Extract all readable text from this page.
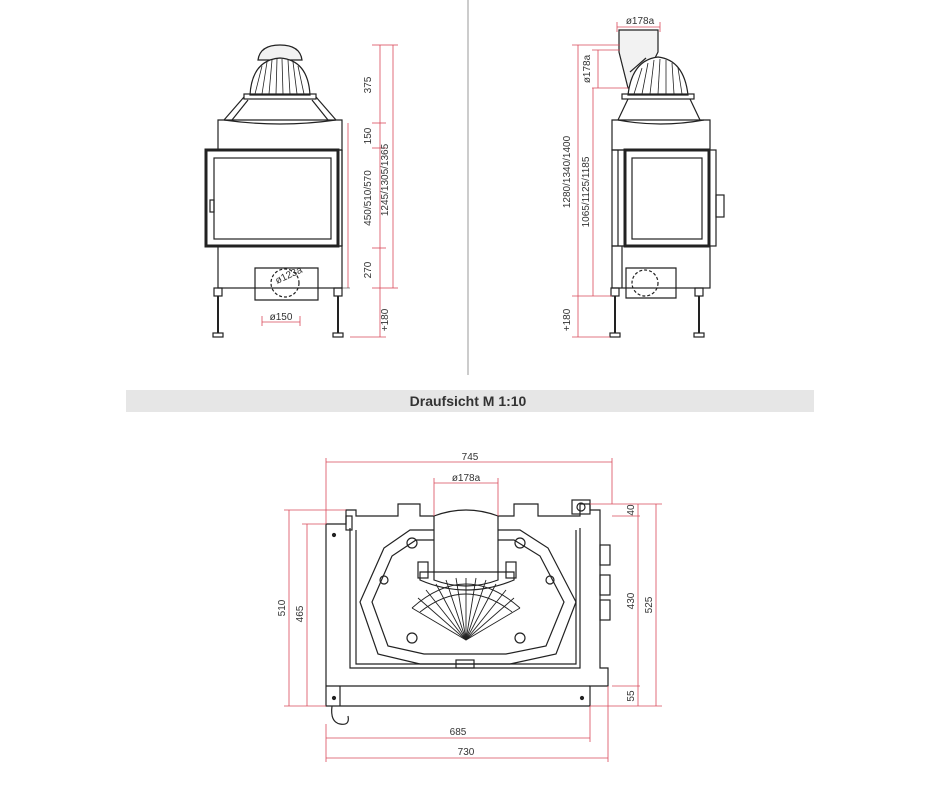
375
150
450/510/570 1245/1305/1365
270
+180
ø123a
ø150
ø178a
ø178a
1280/1340/1400 1065/1125/1185
+180
Draufsicht M 1:10
745
ø178a
510 465
40
430 525
55
685
730
